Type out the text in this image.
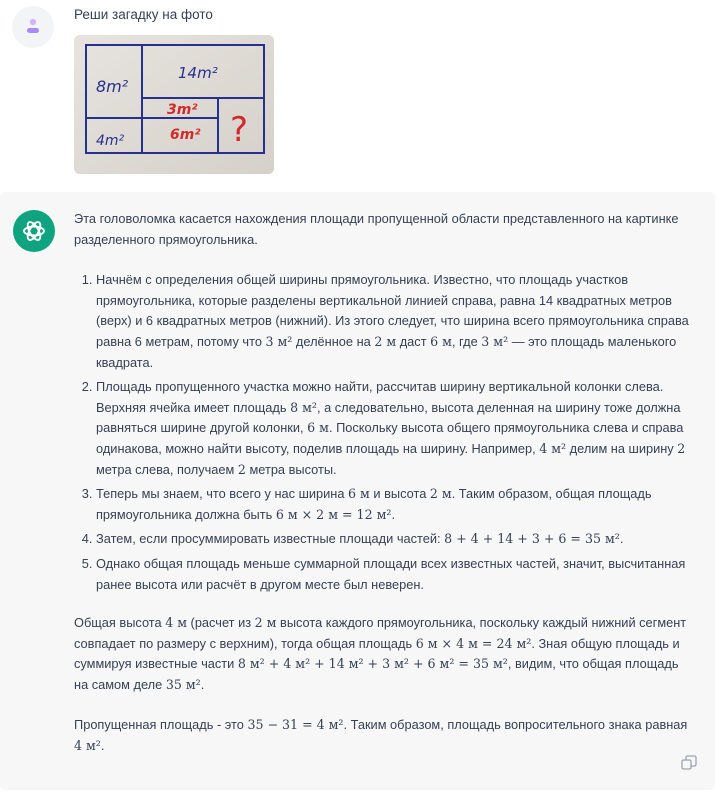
Реши загадку на фото
8m²
14m²
3m²
4m²	6m² ?

Эта головоломка касается нахождения площади пропущенной области представленного на картинке разделенного прямоугольника.

1. Начнём с определения общей ширины прямоугольника. Известно, что площадь участков прямоугольника, которые разделены вертикальной линией справа, равна 14 квадратных метров (верх) и 6 квадратных метров (нижний). Из этого следует, что ширина всего прямоугольника справа равна 6 метрам, потому что 3 м² делённое на 2 м даст 6 м, где 3 м² — это площадь маленького квадрата.
2. Площадь пропущенного участка можно найти, рассчитав ширину вертикальной колонки слева. Верхняя ячейка имеет площадь 8 м², а следовательно, высота деленная на ширину тоже должна равняться ширине другой колонки, 6 м. Поскольку высота общего прямоугольника слева и справа одинакова, можно найти высоту, поделив площадь на ширину. Например, 4 м² делим на ширину 2 метра слева, получаем 2 метра высоты.
3. Теперь мы знаем, что всего у нас ширина 6 м и высота 2 м. Таким образом, общая площадь прямоугольника должна быть 6 м × 2 м = 12 м².
4. Затем, если просуммировать известные площади частей: 8 + 4 + 14 + 3 + 6 = 35 м².
5. Однако общая площадь меньше суммарной площади всех известных частей, значит, высчитанная ранее высота или расчёт в другом месте был неверен.

Общая высота 4 м (расчет из 2 м высота каждого прямоугольника, поскольку каждый нижний сегмент совпадает по размеру с верхним), тогда общая площадь 6 м × 4 м = 24 м². Зная общую площадь и суммируя известные части 8 м² + 4 м² + 14 м² + 3 м² + 6 м² = 35 м², видим, что общая площадь на самом деле 35 м².

Пропущенная площадь - это 35 − 31 = 4 м². Таким образом, площадь вопросительного знака равная 4 м².
